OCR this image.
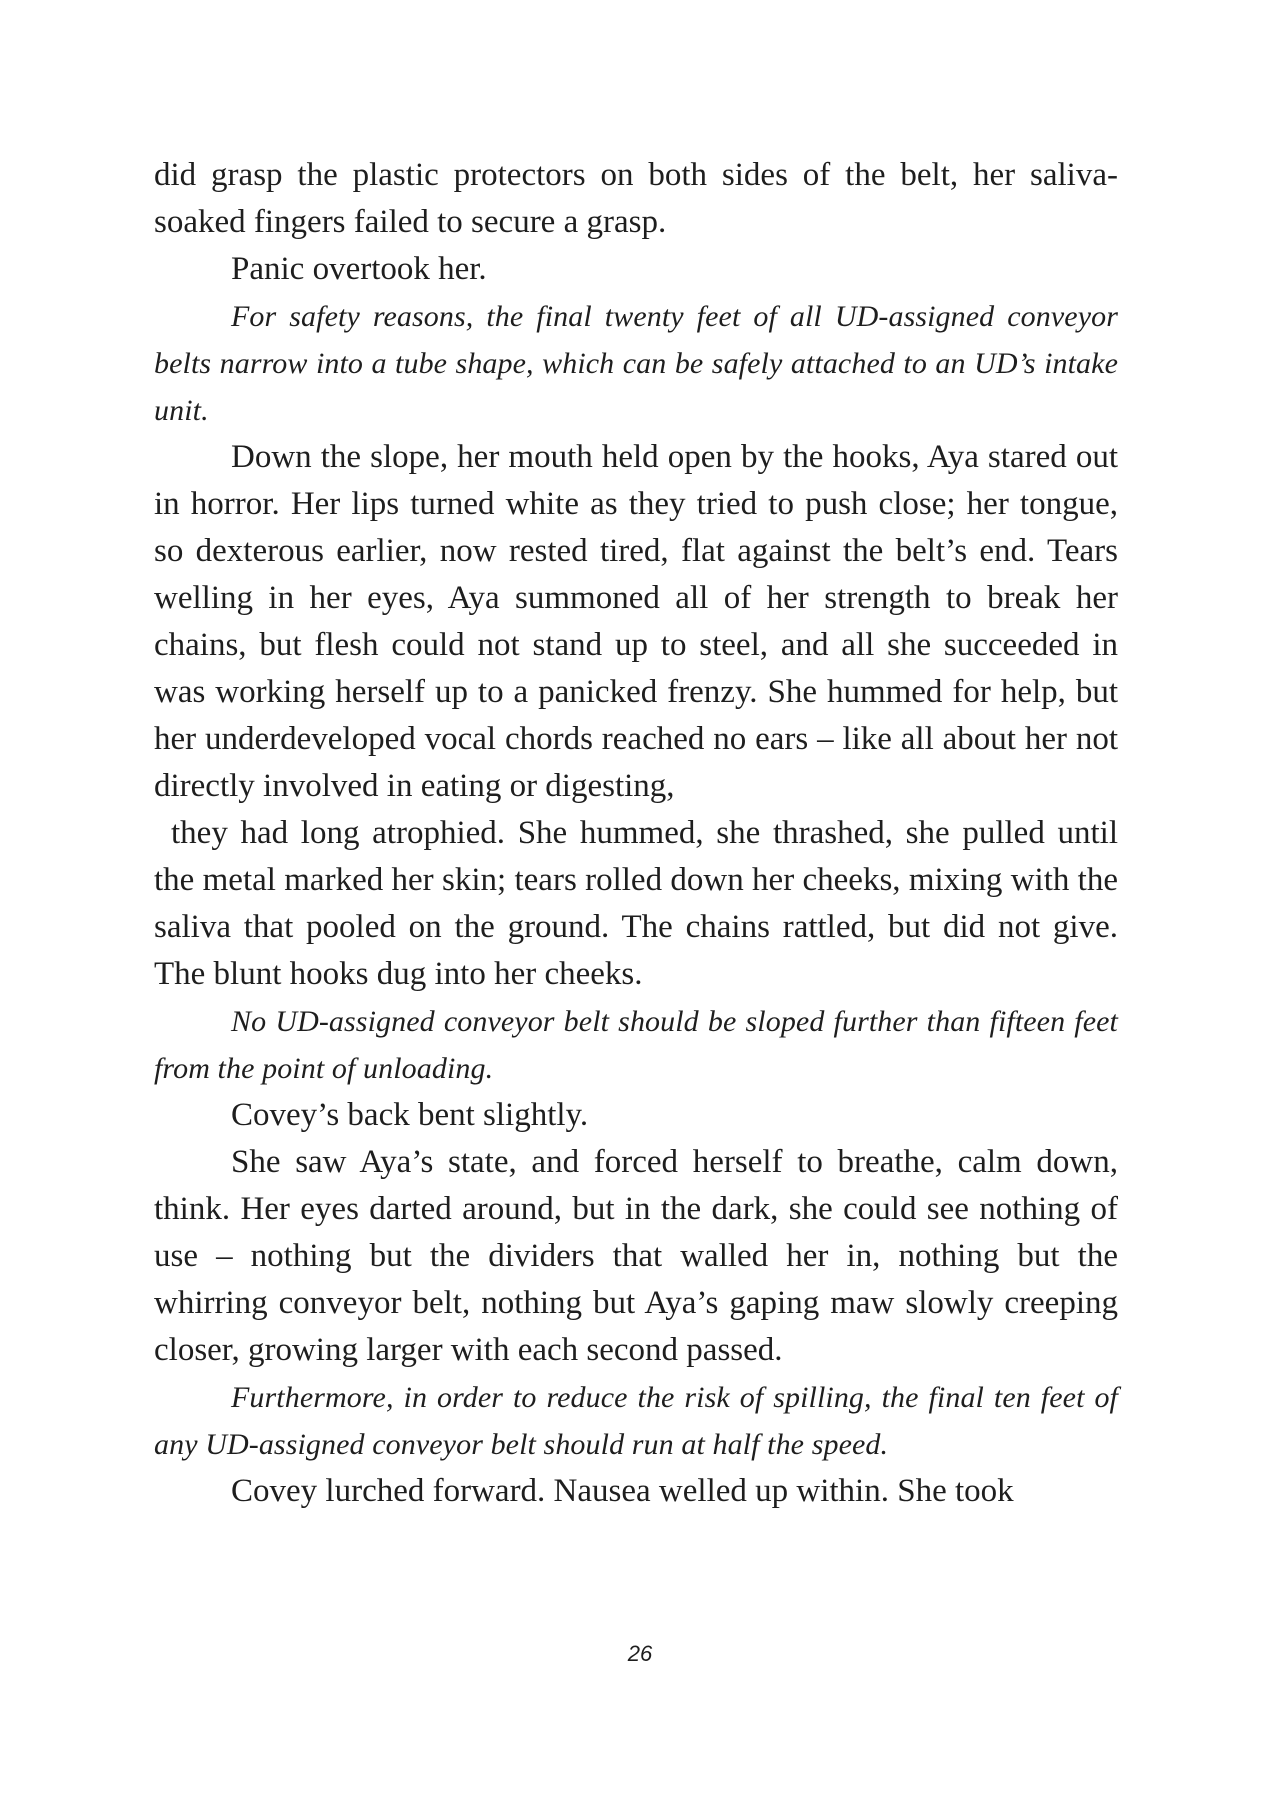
did grasp the plastic protectors on both sides of the belt, her saliva-soaked fingers failed to secure a grasp.

Panic overtook her.

For safety reasons, the final twenty feet of all UD-assigned conveyor belts narrow into a tube shape, which can be safely attached to an UD’s intake unit.

Down the slope, her mouth held open by the hooks, Aya stared out in horror. Her lips turned white as they tried to push close; her tongue, so dexterous earlier, now rested tired, flat against the belt’s end. Tears welling in her eyes, Aya summoned all of her strength to break her chains, but flesh could not stand up to steel, and all she succeeded in was working herself up to a panicked frenzy. She hummed for help, but her underdeveloped vocal chords reached no ears – like all about her not directly involved in eating or digesting,

they had long atrophied. She hummed, she thrashed, she pulled until the metal marked her skin; tears rolled down her cheeks, mixing with the saliva that pooled on the ground. The chains rattled, but did not give. The blunt hooks dug into her cheeks.

No UD-assigned conveyor belt should be sloped further than fifteen feet from the point of unloading.

Covey’s back bent slightly.

She saw Aya’s state, and forced herself to breathe, calm down, think. Her eyes darted around, but in the dark, she could see nothing of use – nothing but the dividers that walled her in, nothing but the whirring conveyor belt, nothing but Aya’s gaping maw slowly creeping closer, growing larger with each second passed.

Furthermore, in order to reduce the risk of spilling, the final ten feet of any UD-assigned conveyor belt should run at half the speed.

Covey lurched forward. Nausea welled up within. She took

26
